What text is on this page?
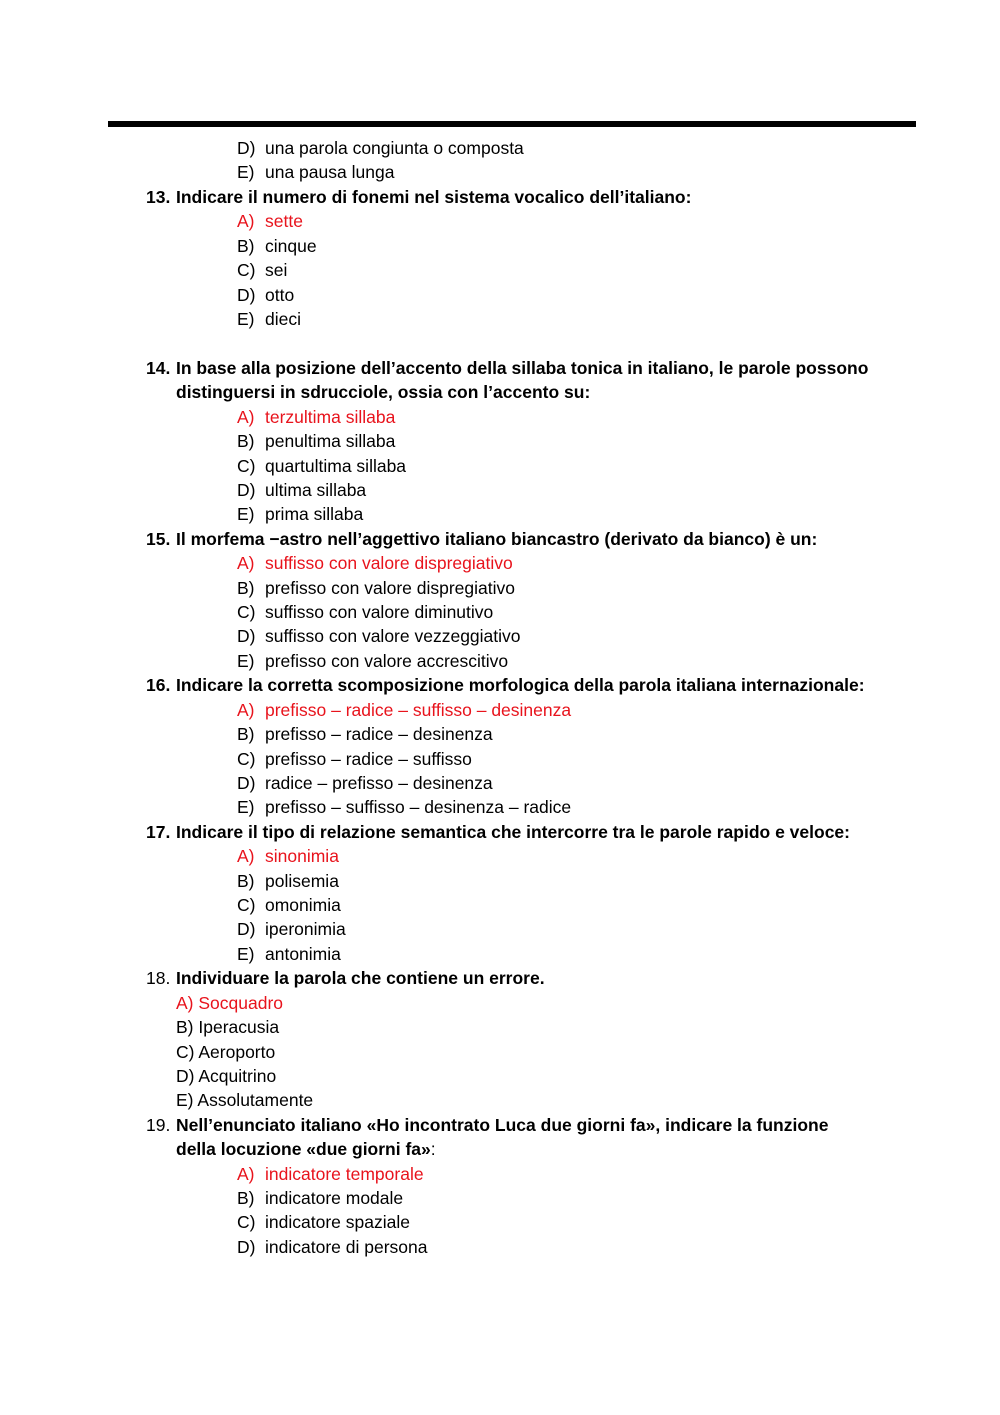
D) una parola congiunta o composta
E) una pausa lunga
13. Indicare il numero di fonemi nel sistema vocalico dell’italiano:
A) sette
B) cinque
C) sei
D) otto
E) dieci
14. In base alla posizione dell’accento della sillaba tonica in italiano, le parole possono
distinguersi in sdrucciole, ossia con l’accento su:
A) terzultima sillaba
B) penultima sillaba
C) quartultima sillaba
D) ultima sillaba
E) prima sillaba
15. Il morfema −astro nell’aggettivo italiano biancastro (derivato da bianco) è un:
A) suffisso con valore dispregiativo
B) prefisso con valore dispregiativo
C) suffisso con valore diminutivo
D) suffisso con valore vezzeggiativo
E) prefisso con valore accrescitivo
16. Indicare la corretta scomposizione morfologica della parola italiana internazionale:
A) prefisso – radice – suffisso – desinenza
B) prefisso – radice – desinenza
C) prefisso – radice – suffisso
D) radice – prefisso – desinenza
E) prefisso – suffisso – desinenza – radice
17. Indicare il tipo di relazione semantica che intercorre tra le parole rapido e veloce:
A) sinonimia
B) polisemia
C) omonimia
D) iperonimia
E) antonimia
18. Individuare la parola che contiene un errore.
A) Socquadro
B) Iperacusia
C) Aeroporto
D) Acquitrino
E) Assolutamente
19. Nell’enunciato italiano «Ho incontrato Luca due giorni fa», indicare la funzione
della locuzione «due giorni fa»:
A) indicatore temporale
B) indicatore modale
C) indicatore spaziale
D) indicatore di persona
